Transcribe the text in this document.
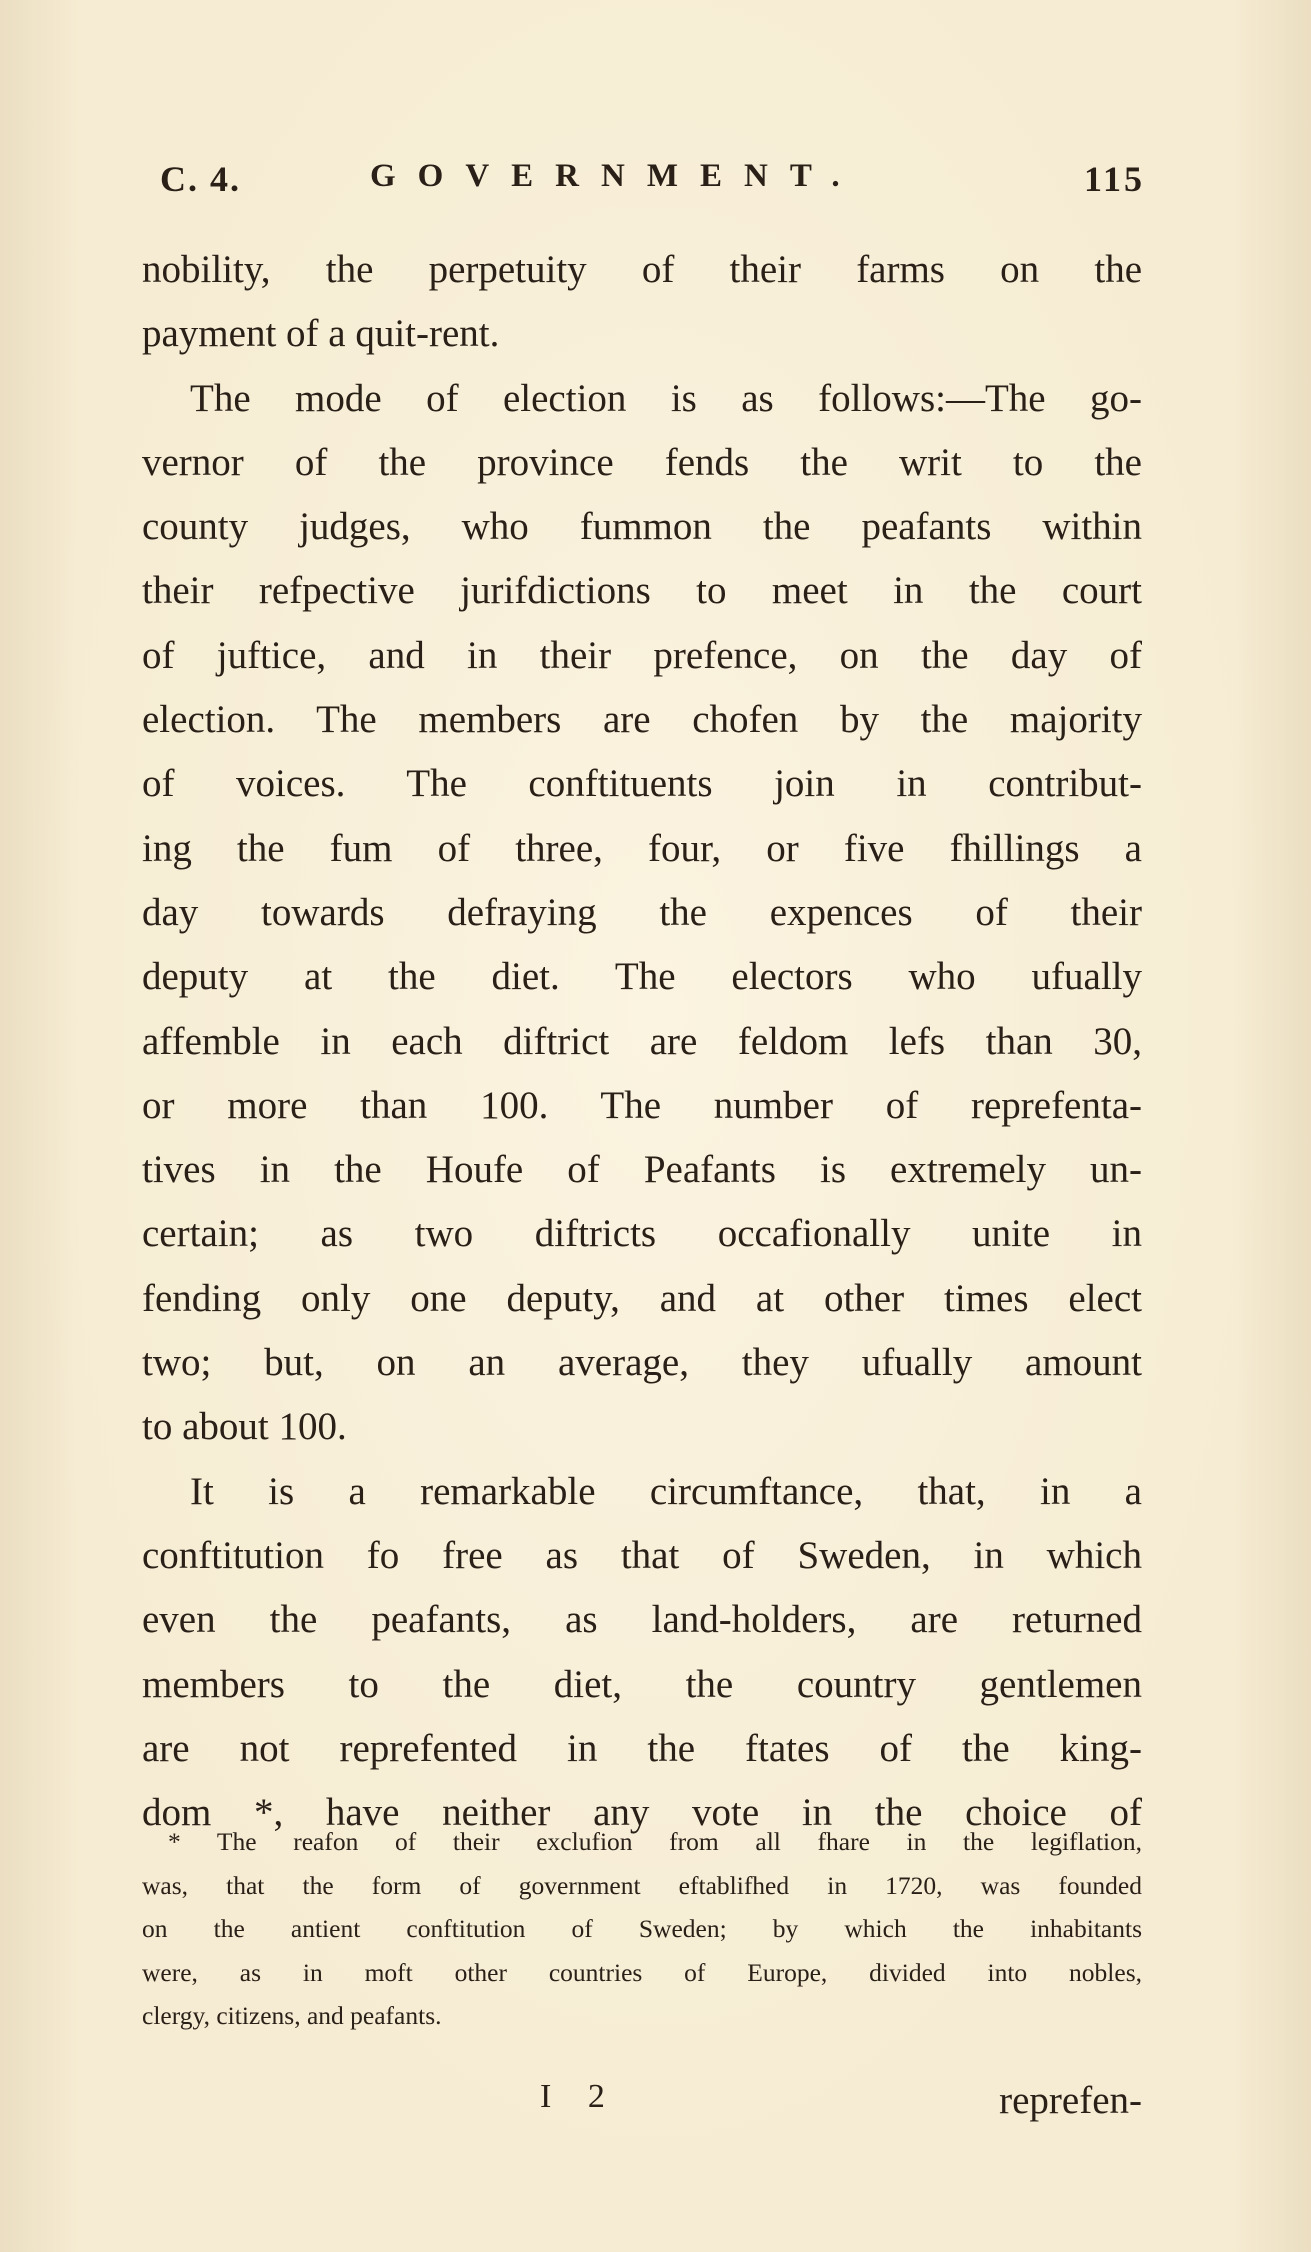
C. 4.	GOVERNMENT.	115
nobility, the perpetuity of their farms on the
payment of a quit-rent.
The mode of election is as follows:—The go-
vernor of the province fends the writ to the
county judges, who fummon the peafants within
their refpective jurifdictions to meet in the court
of juftice, and in their prefence, on the day of
election. The members are chofen by the majority
of voices. The conftituents join in contribut-
ing the fum of three, four, or five fhillings a
day towards defraying the expences of their
deputy at the diet. The electors who ufually
affemble in each diftrict are feldom lefs than 30,
or more than 100. The number of reprefenta-
tives in the Houfe of Peafants is extremely un-
certain; as two diftricts occafionally unite in
fending only one deputy, and at other times elect
two; but, on an average, they ufually amount
to about 100.
It is a remarkable circumftance, that, in a
conftitution fo free as that of Sweden, in which
even the peafants, as land-holders, are returned
members to the diet, the country gentlemen
are not reprefented in the ftates of the king-
dom *, have neither any vote in the choice of
* The reafon of their exclufion from all fhare in the legiflation,
was, that the form of government eftablifhed in 1720, was founded
on the antient conftitution of Sweden; by which the inhabitants
were, as in moft other countries of Europe, divided into nobles,
clergy, citizens, and peafants.
I 2	reprefen-
